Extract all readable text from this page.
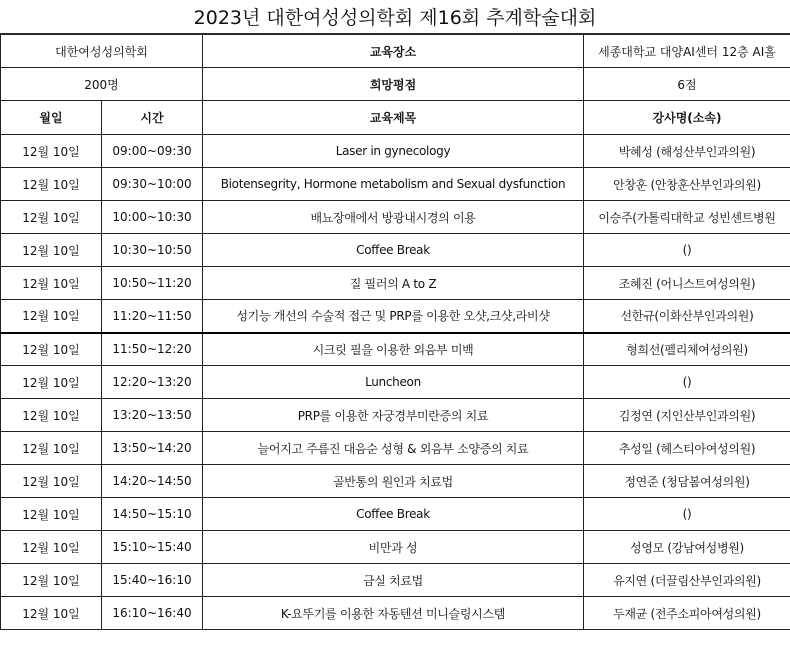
2023년 대한여성성의학회 제16회 추계학술대회
대한여성성의학회		교육장소	세종대학교 대양AI센터 12층 AI홀
200명		희망평점	6점
월일	시간	교육제목	강사명(소속)
12월 10일	09:00~09:30	Laser in gynecology	박혜성 (해성산부인과의원)
12월 10일	09:30~10:00	Biotensegrity, Hormone metabolism and Sexual dysfunction	안창훈 (안창훈산부인과의원)
12월 10일	10:00~10:30	배뇨장애에서 방광내시경의 이용	이승주(가톨릭대학교 성빈센트병원
12월 10일	10:30~10:50	Coffee Break	()
12월 10일	10:50~11:20	질 필러의 A to Z	조혜진 (어니스트여성의원)
12월 10일	11:20~11:50	성기능 개선의 수술적 접근 및 PRP를 이용한 오샷,크샷,라비샷	선한규(이화산부인과의원)
12월 10일	11:50~12:20	시크릿 필을 이용한 외음부 미백	형희선(펠리체여성의원)
12월 10일	12:20~13:20	Luncheon	()
12월 10일	13:20~13:50	PRP를 이용한 자궁경부미란증의 치료	김정연 (지인산부인과의원)
12월 10일	13:50~14:20	늘어지고 주름진 대음순 성형 & 외음부 소양증의 치료	추성일 (헤스티아여성의원)
12월 10일	14:20~14:50	골반통의 원인과 치료법	정연준 (청담봄여성의원)
12월 10일	14:50~15:10	Coffee Break	()
12월 10일	15:10~15:40	비만과 성	성영모 (강남여성병원)
12월 10일	15:40~16:10	금실 치료법	유지연 (더끌림산부인과의원)
12월 10일	16:10~16:40	K-요뚜기를 이용한 자동텐션 미니슬링시스템	두재균 (전주소피아여성의원)
